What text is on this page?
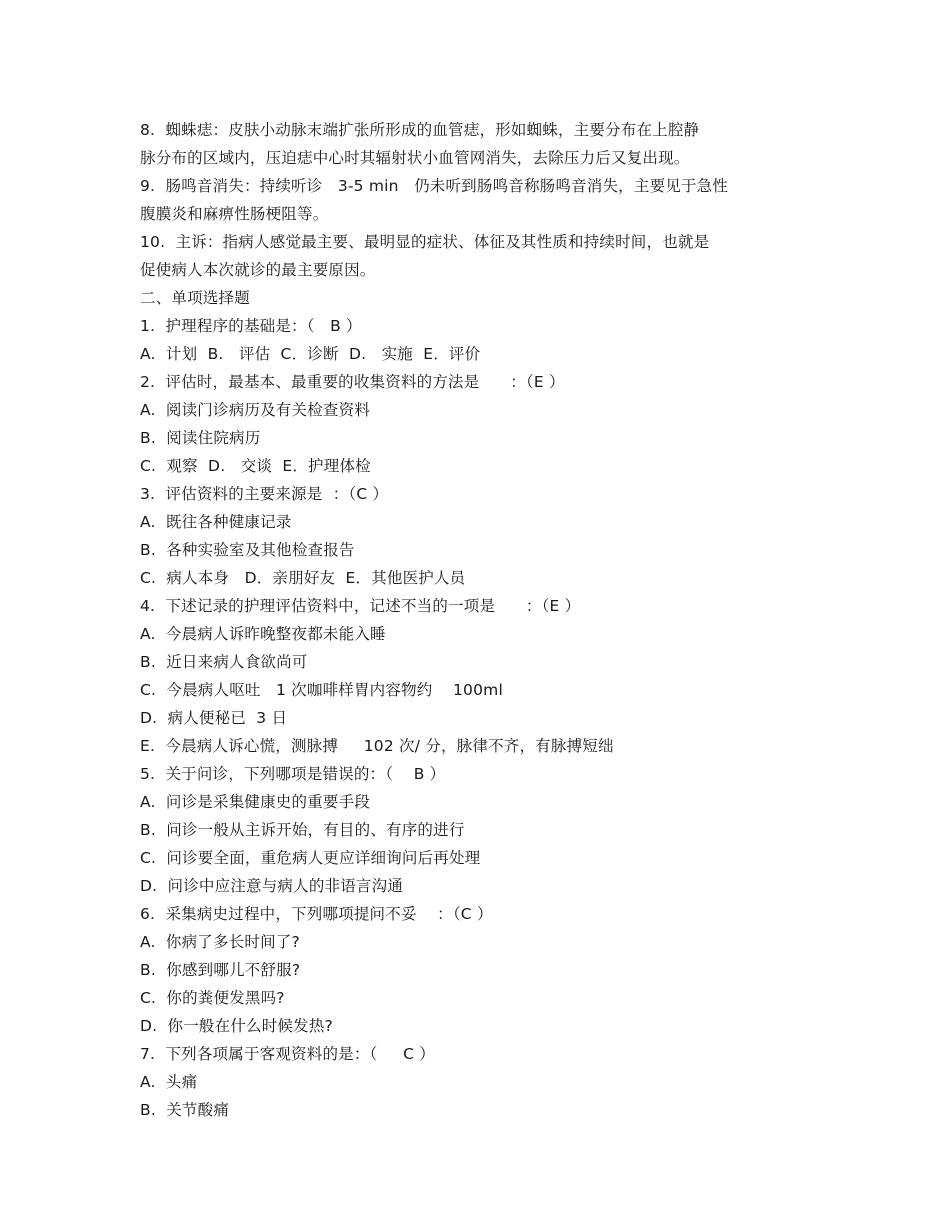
8.  蜘蛛痣：皮肤小动脉末端扩张所形成的血管痣，形如蜘蛛，主要分布在上腔静
脉分布的区域内，压迫痣中心时其辐射状小血管网消失，去除压力后又复出现。
9.  肠鸣音消失：持续听诊   3-5 min   仍未听到肠鸣音称肠鸣音消失，主要见于急性
腹膜炎和麻痹性肠梗阻等。
10.  主诉：指病人感觉最主要、最明显的症状、体征及其性质和持续时间，也就是
促使病人本次就诊的最主要原因。
二、单项选择题
1.  护理程序的基础是：（   B ）
A.  计划  B.   评估  C．诊断  D.   实施  E．评价
2.  评估时，最基本、最重要的收集资料的方法是      ：（E ）
A.  阅读门诊病历及有关检查资料
B.  阅读住院病历
C.  观察  D.   交谈  E．护理体检
3.  评估资料的主要来源是  ：（C ）
A.  既往各种健康记录
B.  各种实验室及其他检查报告
C.  病人本身   D．亲朋好友  E．其他医护人员
4.  下述记录的护理评估资料中，记述不当的一项是      ：（E ）
A.  今晨病人诉昨晚整夜都未能入睡
B.  近日来病人食欲尚可
C.  今晨病人呕吐   1 次咖啡样胃内容物约    100ml
D.  病人便秘已  3 日
E.  今晨病人诉心慌，测脉搏     102 次/ 分，脉律不齐，有脉搏短绌
5.  关于问诊，下列哪项是错误的：（    B ）
A.  问诊是采集健康史的重要手段
B.  问诊一般从主诉开始，有目的、有序的进行
C.  问诊要全面，重危病人更应详细询问后再处理
D.  问诊中应注意与病人的非语言沟通
6.  采集病史过程中，下列哪项提问不妥    ：（C ）
A.  你病了多长时间了?
B.  你感到哪儿不舒服?
C.  你的粪便发黑吗?
D.  你一般在什么时候发热?
7.  下列各项属于客观资料的是：（     C ）
A.  头痛
B.  关节酸痛
